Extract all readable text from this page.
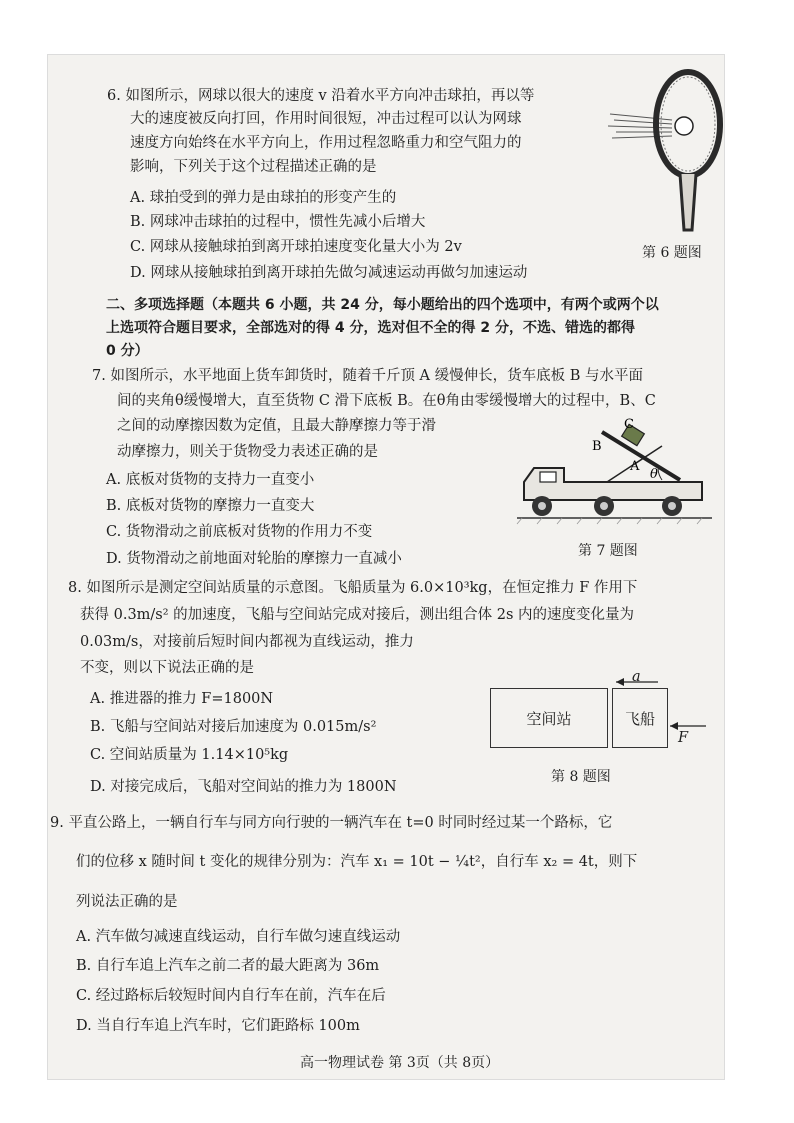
6. 如图所示，网球以很大的速度 v 沿着水平方向冲击球拍，再以等
大的速度被反向打回，作用时间很短，冲击过程可以认为网球
速度方向始终在水平方向上，作用过程忽略重力和空气阻力的
影响，下列关于这个过程描述正确的是
A. 球拍受到的弹力是由球拍的形变产生的
B. 网球冲击球拍的过程中，惯性先减小后增大
C. 网球从接触球拍到离开球拍速度变化量大小为 2v
D. 网球从接触球拍到离开球拍先做匀减速运动再做匀加速运动
第 6 题图
二、多项选择题（本题共 6 小题，共 24 分，每小题给出的四个选项中，有两个或两个以
上选项符合题目要求，全部选对的得 4 分，选对但不全的得 2 分，不选、错选的都得
0 分）
7. 如图所示，水平地面上货车卸货时，随着千斤顶 A 缓慢伸长，货车底板 B 与水平面
间的夹角θ缓慢增大，直至货物 C 滑下底板 B。在θ角由零缓慢增大的过程中，B、C
之间的动摩擦因数为定值，且最大静摩擦力等于滑
动摩擦力，则关于货物受力表述正确的是
A. 底板对货物的支持力一直变小
B. 底板对货物的摩擦力一直变大
C. 货物滑动之前底板对货物的作用力不变
D. 货物滑动之前地面对轮胎的摩擦力一直减小
B
C
A
θ
第 7 题图
8. 如图所示是测定空间站质量的示意图。飞船质量为 6.0×10³kg，在恒定推力 F 作用下
获得 0.3m/s² 的加速度，飞船与空间站完成对接后，测出组合体 2s 内的速度变化量为
0.03m/s，对接前后短时间内都视为直线运动，推力
不变，则以下说法正确的是
A. 推进器的推力 F=1800N
B. 飞船与空间站对接后加速度为 0.015m/s²
C. 空间站质量为 1.14×10⁵kg
D. 对接完成后，飞船对空间站的推力为 1800N
空间站	飞船
a
F
第 8 题图
9. 平直公路上，一辆自行车与同方向行驶的一辆汽车在 t=0 时同时经过某一个路标，它
们的位移 x 随时间 t 变化的规律分别为：汽车 x₁ = 10t − ¼t²，自行车 x₂ = 4t，则下
列说法正确的是
A. 汽车做匀减速直线运动，自行车做匀速直线运动
B. 自行车追上汽车之前二者的最大距离为 36m
C. 经过路标后较短时间内自行车在前，汽车在后
D. 当自行车追上汽车时，它们距路标 100m
高一物理试卷 第 3页（共 8页）
